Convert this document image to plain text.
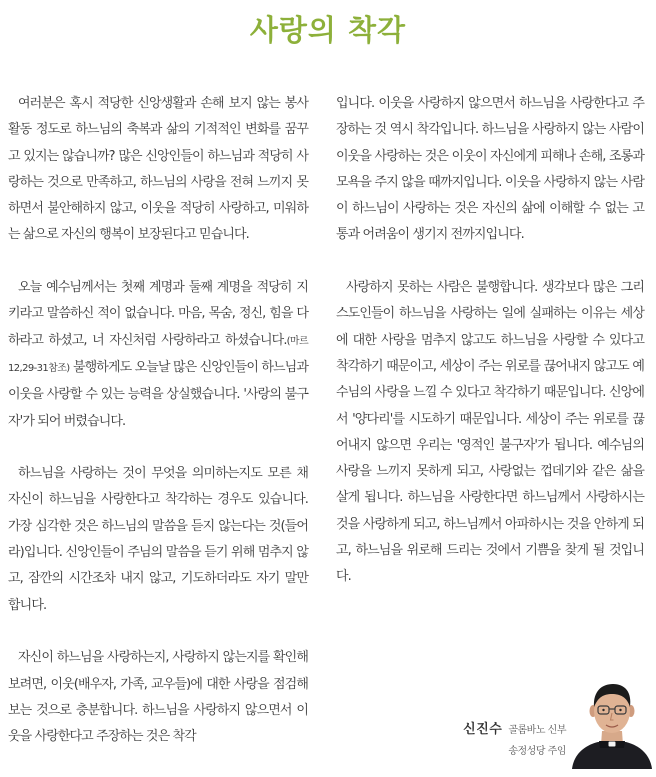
사랑의 착각

여러분은 혹시 적당한 신앙생활과 손해 보지 않는 봉사활동 정도로 하느님의 축복과 삶의 기적적인 변화를 꿈꾸고 있지는 않습니까? 많은 신앙인들이 하느님과 적당히 사랑하는 것으로 만족하고, 하느님의 사랑을 전혀 느끼지 못하면서 불안해하지 않고, 이웃을 적당히 사랑하고, 미워하는 삶으로 자신의 행복이 보장된다고 믿습니다.

오늘 예수님께서는 첫째 계명과 둘째 계명을 적당히 지키라고 말씀하신 적이 없습니다. 마음, 목숨, 정신, 힘을 다하라고 하셨고, 너 자신처럼 사랑하라고 하셨습니다.(마르 12,29-31참조) 불행하게도 오늘날 많은 신앙인들이 하느님과 이웃을 사랑할 수 있는 능력을 상실했습니다. '사랑의 불구자'가 되어 버렸습니다.

하느님을 사랑하는 것이 무엇을 의미하는지도 모른 채 자신이 하느님을 사랑한다고 착각하는 경우도 있습니다. 가장 심각한 것은 하느님의 말씀을 듣지 않는다는 것(들어라)입니다. 신앙인들이 주님의 말씀을 듣기 위해 멈추지 않고, 잠깐의 시간조차 내지 않고, 기도하더라도 자기 말만 합니다.

자신이 하느님을 사랑하는지, 사랑하지 않는지를 확인해 보려면, 이웃(배우자, 가족, 교우들)에 대한 사랑을 점검해 보는 것으로 충분합니다. 하느님을 사랑하지 않으면서 이웃을 사랑한다고 주장하는 것은 착각

입니다. 이웃을 사랑하지 않으면서 하느님을 사랑한다고 주장하는 것 역시 착각입니다. 하느님을 사랑하지 않는 사람이 이웃을 사랑하는 것은 이웃이 자신에게 피해나 손해, 조롱과 모욕을 주지 않을 때까지입니다. 이웃을 사랑하지 않는 사람이 하느님이 사랑하는 것은 자신의 삶에 이해할 수 없는 고통과 어려움이 생기지 전까지입니다.

사랑하지 못하는 사람은 불행합니다. 생각보다 많은 그리스도인들이 하느님을 사랑하는 일에 실패하는 이유는 세상에 대한 사랑을 멈추지 않고도 하느님을 사랑할 수 있다고 착각하기 때문이고, 세상이 주는 위로를 끊어내지 않고도 예수님의 사랑을 느낄 수 있다고 착각하기 때문입니다. 신앙에서 '양다리'를 시도하기 때문입니다. 세상이 주는 위로를 끊어내지 않으면 우리는 '영적인 불구자'가 됩니다. 예수님의 사랑을 느끼지 못하게 되고, 사랑없는 껍데기와 같은 삶을 살게 됩니다. 하느님을 사랑한다면 하느님께서 사랑하시는 것을 사랑하게 되고, 하느님께서 아파하시는 것을 안하게 되고, 하느님을 위로해 드리는 것에서 기쁨을 찾게 될 것입니다.

신진수 골롬바노 신부
송정성당 주임
